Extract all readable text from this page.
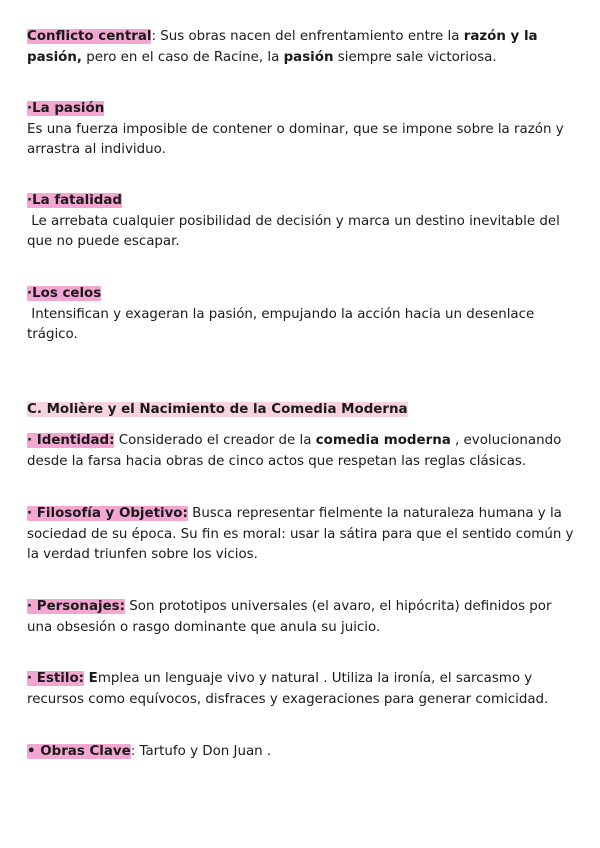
Conflicto central: Sus obras nacen del enfrentamiento entre la razón y la pasión, pero en el caso de Racine, la pasión siempre sale victoriosa.

·La pasión

Es una fuerza imposible de contener o dominar, que se impone sobre la razón y arrastra al individuo.

·La fatalidad

Le arrebata cualquier posibilidad de decisión y marca un destino inevitable del que no puede escapar.

·Los celos

Intensifican y exageran la pasión, empujando la acción hacia un desenlace trágico.

C. Molière y el Nacimiento de la Comedia Moderna

· Identidad: Considerado el creador de la comedia moderna , evolucionando desde la farsa hacia obras de cinco actos que respetan las reglas clásicas.

· Filosofía y Objetivo: Busca representar fielmente la naturaleza humana y la sociedad de su época. Su fin es moral: usar la sátira para que el sentido común y la verdad triunfen sobre los vicios.

· Personajes: Son prototipos universales (el avaro, el hipócrita) definidos por una obsesión o rasgo dominante que anula su juicio.

· Estilo: Emplea un lenguaje vivo y natural . Utiliza la ironía, el sarcasmo y recursos como equívocos, disfraces y exageraciones para generar comicidad.

• Obras Clave: Tartufo y Don Juan .
